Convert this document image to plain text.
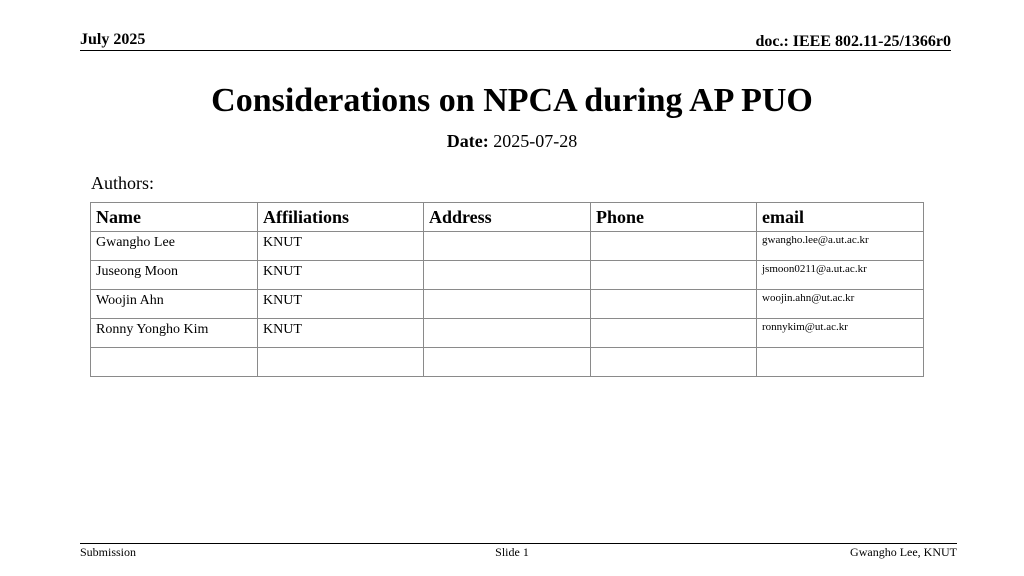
July 2025	doc.: IEEE 802.11-25/1366r0
Considerations on NPCA during AP PUO
Date: 2025-07-28
Authors:
Name	Affiliations	Address	Phone	email
Gwangho Lee	KNUT			gwangho.lee@a.ut.ac.kr
Juseong Moon	KNUT			jsmoon0211@a.ut.ac.kr
Woojin Ahn	KNUT			woojin.ahn@ut.ac.kr
Ronny Yongho Kim	KNUT			ronnykim@ut.ac.kr

Submission	Slide 1	Gwangho Lee, KNUT
